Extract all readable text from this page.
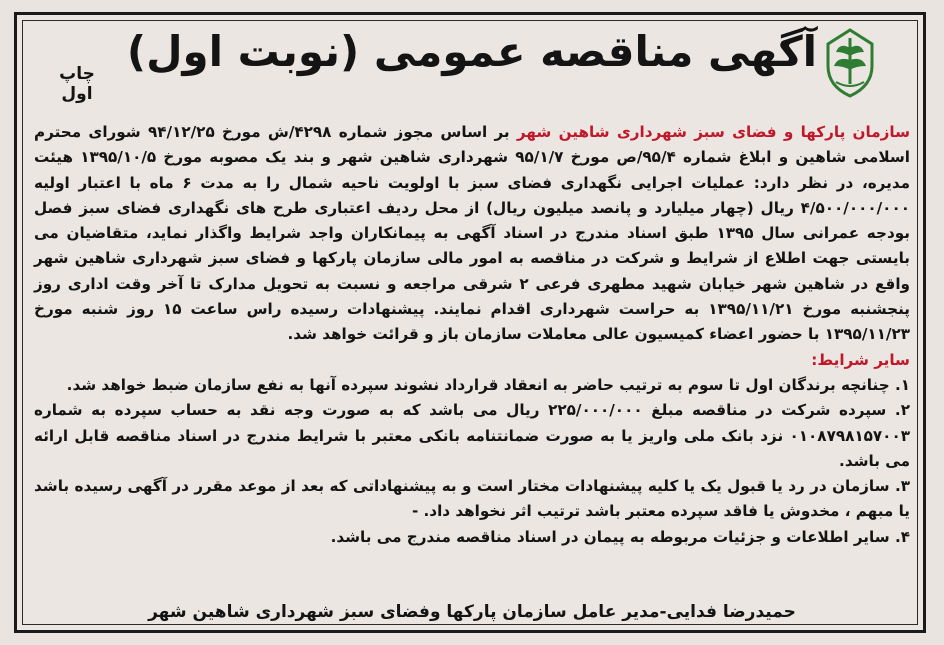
آگهی مناقصه عمومی (نوبت اول)
چاپ اول
سازمان پارکها و فضای سبز شهرداری شاهین شهر بر اساس مجوز شماره ۴۲۹۸/ش مورخ ۹۴/۱۲/۲۵ شورای محترم اسلامی شاهین و ابلاغ شماره ۹۵/۴/ص مورخ ۹۵/۱/۷ شهرداری شاهین شهر و بند یک مصوبه مورخ ۱۳۹۵/۱۰/۵ هیئت مدیره، در نظر دارد: عملیات اجرایی نگهداری فضای سبز با اولویت ناحیه شمال را به مدت ۶ ماه با اعتبار اولیه ۴/۵۰۰/۰۰۰/۰۰۰ ریال (چهار میلیارد و پانصد میلیون ریال) از محل ردیف اعتباری طرح های نگهداری فضای سبز فصل بودجه عمرانی سال ۱۳۹۵ طبق اسناد مندرج در اسناد آگهی به پیمانکاران واجد شرایط واگذار نماید، متقاضیان می بایستی جهت اطلاع از شرایط و شرکت در مناقصه به امور مالی سازمان پارکها و فضای سبز شهرداری شاهین شهر واقع در شاهین شهر خیابان شهید مطهری فرعی ۲ شرقی مراجعه و نسبت به تحویل مدارک تا آخر وقت اداری روز پنجشنبه مورخ ۱۳۹۵/۱۱/۲۱ به حراست شهرداری اقدام نمایند. پیشنهادات رسیده راس ساعت ۱۵ روز شنبه مورخ ۱۳۹۵/۱۱/۲۳ با حضور اعضاء کمیسیون عالی معاملات سازمان باز و قرائت خواهد شد.
سایر شرایط:
۱. چنانچه برندگان اول تا سوم به ترتیب حاضر به انعقاد قرارداد نشوند سپرده آنها به نفع سازمان ضبط خواهد شد.
۲. سپرده شرکت در مناقصه مبلغ ۲۲۵/۰۰۰/۰۰۰ ریال می باشد که به صورت وجه نقد به حساب سپرده به شماره ۰۱۰۸۷۹۸۱۵۷۰۰۳ نزد بانک ملی واریز یا به صورت ضمانتنامه بانکی معتبر با شرایط مندرج در اسناد مناقصه قابل ارائه می باشد.
۳. سازمان در رد یا قبول یک یا کلیه پیشنهادات مختار است و به پیشنهاداتی که بعد از موعد مقرر در آگهی رسیده باشد یا مبهم ، مخدوش یا فاقد سپرده معتبر باشد ترتیب اثر نخواهد داد. -
۴. سایر اطلاعات و جزئیات مربوطه به پیمان در اسناد مناقصه مندرج می باشد.
حمیدرضا فدایی-مدیر عامل سازمان پارکها وفضای سبز شهرداری شاهین شهر
